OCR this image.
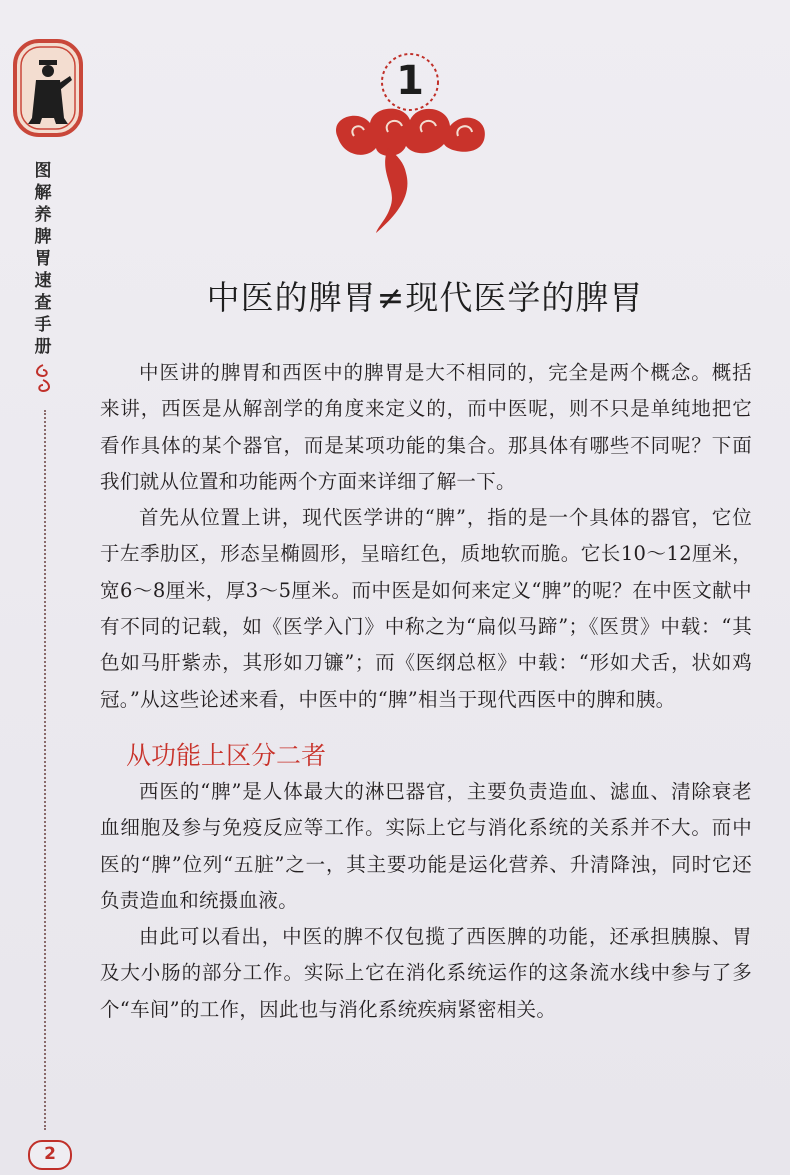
图解养脾胃速查手册
2
1
中医的脾胃≠现代医学的脾胃

中医讲的脾胃和西医中的脾胃是大不相同的，完全是两个概念。概括来讲，西医是从解剖学的角度来定义的，而中医呢，则不只是单纯地把它看作具体的某个器官，而是某项功能的集合。那具体有哪些不同呢？下面我们就从位置和功能两个方面来详细了解一下。

首先从位置上讲，现代医学讲的“脾”，指的是一个具体的器官，它位于左季肋区，形态呈椭圆形，呈暗红色，质地软而脆。它长10～12厘米，宽6～8厘米，厚3～5厘米。而中医是如何来定义“脾”的呢？在中医文献中有不同的记载，如《医学入门》中称之为“扁似马蹄”；《医贯》中载：“其色如马肝紫赤，其形如刀镰”；而《医纲总枢》中载：“形如犬舌，状如鸡冠。”从这些论述来看，中医中的“脾”相当于现代西医中的脾和胰。

从功能上区分二者

西医的“脾”是人体最大的淋巴器官，主要负责造血、滤血、清除衰老血细胞及参与免疫反应等工作。实际上它与消化系统的关系并不大。而中医的“脾”位列“五脏”之一，其主要功能是运化营养、升清降浊，同时它还负责造血和统摄血液。

由此可以看出，中医的脾不仅包揽了西医脾的功能，还承担胰腺、胃及大小肠的部分工作。实际上它在消化系统运作的这条流水线中参与了多个“车间”的工作，因此也与消化系统疾病紧密相关。
